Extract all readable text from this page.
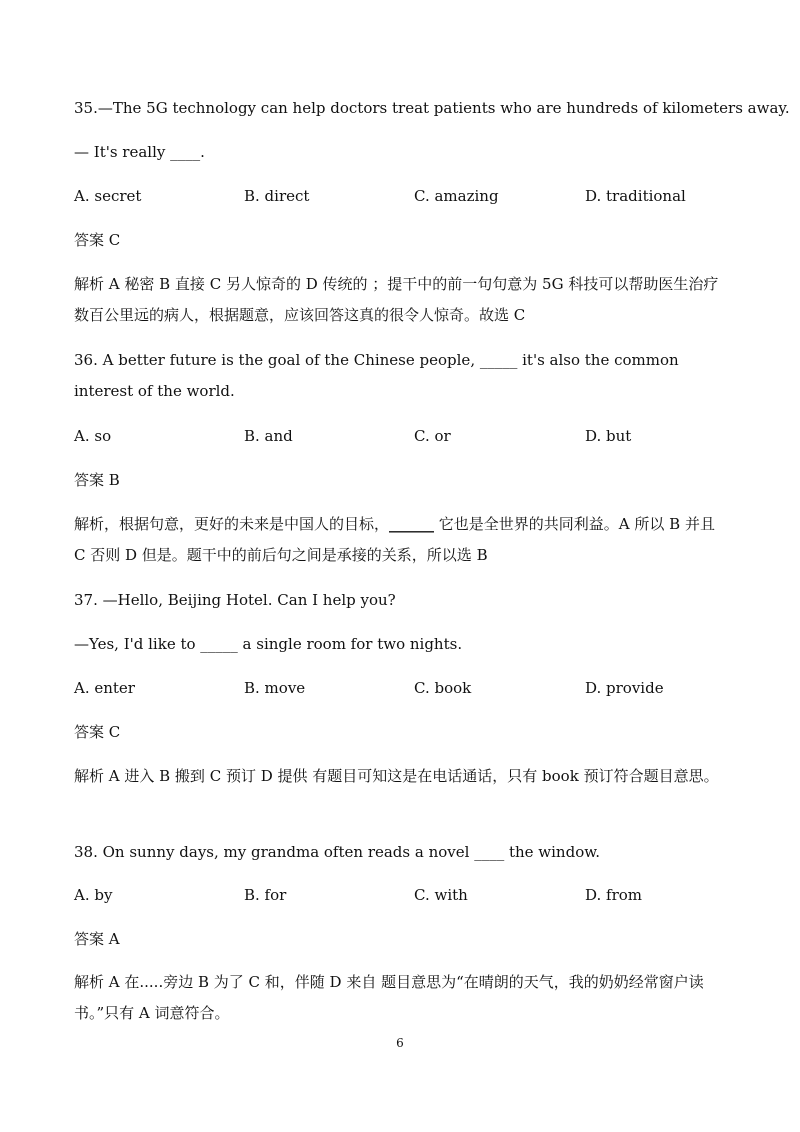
35.—The 5G technology can help doctors treat patients who are hundreds of kilometers away.
— It's really ____.
A. secret	B. direct	C. amazing	D. traditional
答案 C
解析 A 秘密 B 直接 C 另人惊奇的 D 传统的 ；提干中的前一句句意为 5G 科技可以帮助医生治疗数百公里远的病人，根据题意，应该回答这真的很令人惊奇。故选 C
36. A better future is the goal of the Chinese people, _____ it's also the common interest of the world.
A. so	B. and	C. or	D. but
答案 B
解析，根据句意，更好的未来是中国人的目标，______ 它也是全世界的共同利益。A 所以 B 并且 C 否则 D 但是。题干中的前后句之间是承接的关系，所以选 B
37. —Hello, Beijing Hotel. Can I help you?
—Yes, I'd like to _____ a single room for two nights.
A. enter	B. move	C. book	D. provide
答案 C
解析 A 进入 B 搬到 C 预订 D 提供 有题目可知这是在电话通话，只有 book 预订符合题目意思。
38. On sunny days, my grandma often reads a novel ____ the window.
A. by	B. for	C. with	D. from
答案 A
解析 A 在.....旁边 B 为了 C 和，伴随 D 来自 题目意思为“在晴朗的天气，我的奶奶经常窗户读书。”只有 A 词意符合。
6
